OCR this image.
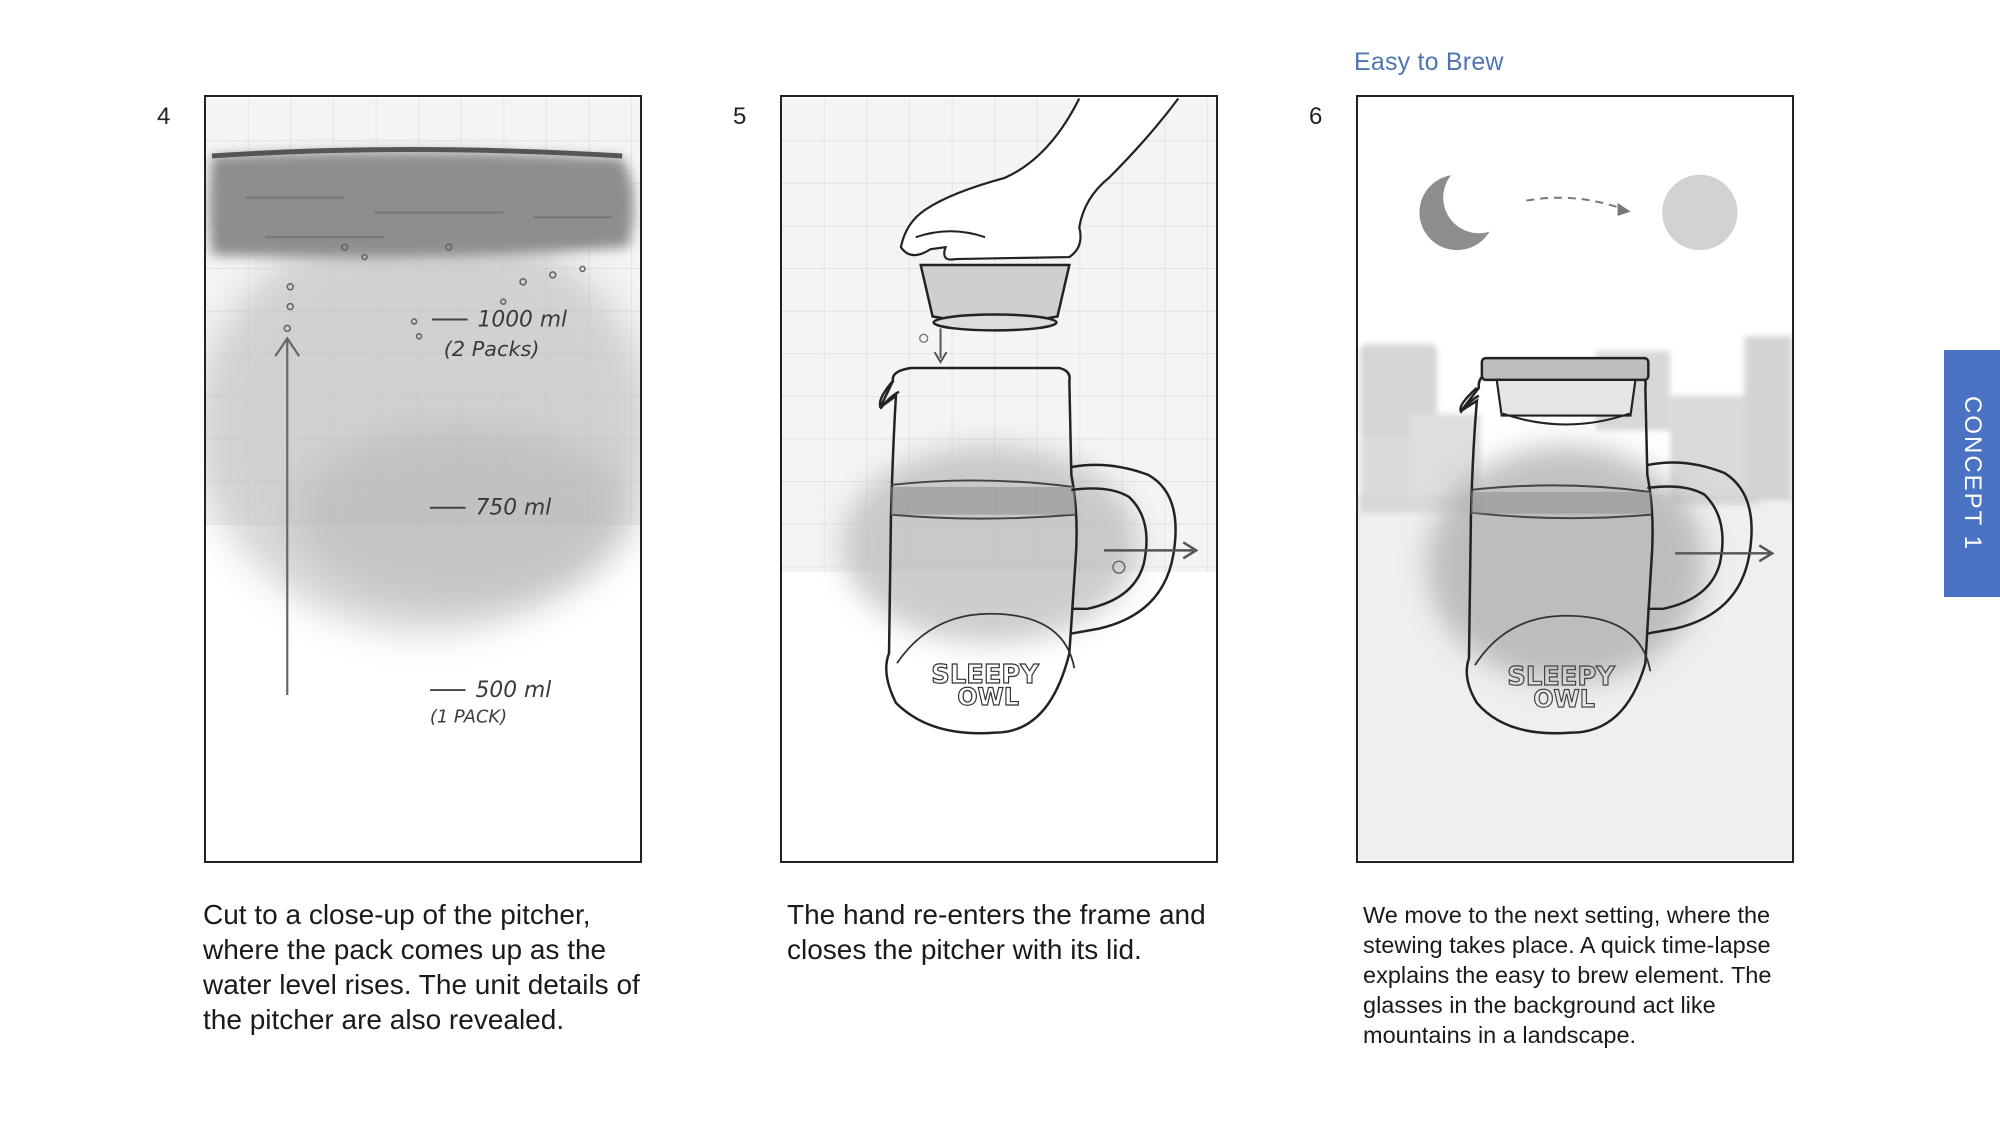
Easy to Brew
4
1000 ml
(2 Packs)
750 ml
500 ml
(1 PACK)
Cut to a close-up of the pitcher, where the pack comes up as the water level rises. The unit details of the pitcher are also revealed.
5
SLEEPY
OWL
The hand re-enters the frame and closes the pitcher with its lid.
6
SLEEPY
OWL
We move to the next setting, where the stewing takes place. A quick time-lapse explains the easy to brew element. The glasses in the background act like mountains in a landscape.
CONCEPT 1
